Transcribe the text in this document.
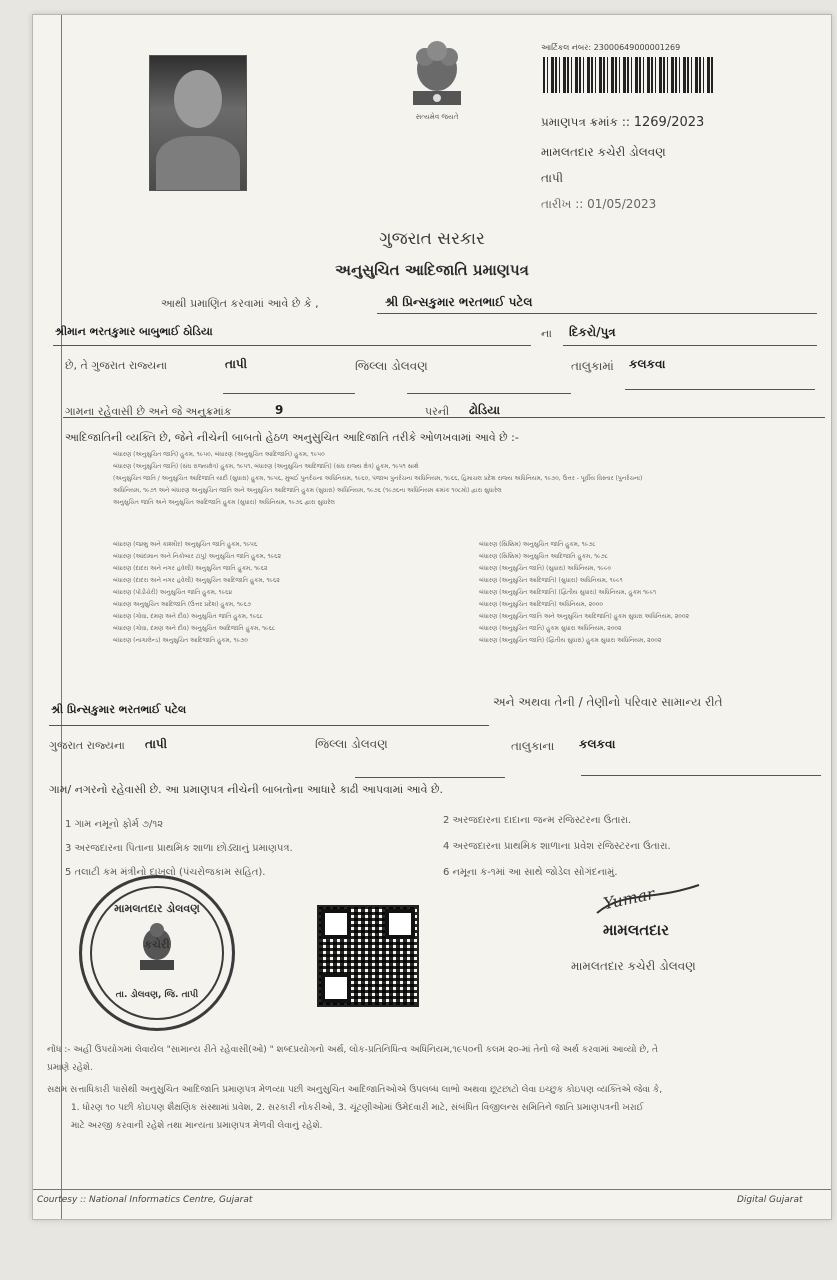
સત્યમેવ જયતે
આર્ટિકલ નંબર: 23000649000001269
પ્રમાણપત્ર ક્રમાંક :: 1269/2023
મામલતદાર કચેરી ડોલવણ
તાપી
તારીખ :: 01/05/2023
ગુજરાત સરકાર
અનુસુચિત આદિજાતિ પ્રમાણપત્ર
આથી પ્રમાણિત કરવામાં આવે છે કે ,	શ્રી પ્રિન્સકુમાર ભરતભાઈ પટેલ
શ્રીમાન ભરતકુમાર બાબુભાઈ ઠોડિયા	ના દિકરો/પુત્ર
છે, તે ગુજરાત રાજ્યના	તાપી	જિલ્લા ડોલવણ	તાલુકામાં કલકવા
ગામના રહેવાસી છે અને જે અનુક્રમાંક	9	પરની ઢોડિયા
આદિજાતિની વ્યક્તિ છે, જેને નીચેની બાબતો હેઠળ અનુસુચિત આદિજાતિ તરીકે ઓળખવામાં આવે છે :-
બંધારણ (અનુસુચિત જાતિ) હુકમ, ૧૯૫૦, બંધારણ (અનુસુચિત આદિજાતિ) હુકમ, ૧૯૫૦
બંધારણ (અનુસુચિત જાતિ) (સંઘ રાજ્યક્ષેત્ર) હુકમ, ૧૯૫૧, બંધારણ (અનુસુચિત આદિજાતિ) (સંઘ રાજ્ય ક્ષેત્ર) હુકમ, ૧૯૫૧ સાથે
(અનુસુચિત જાતિ / અનુસુચિત આદિજાતિ યાદી (સુધારા) હુકમ, ૧૯૫૬, મુંબઈ પુનર્રચના અધિનિયમ, ૧૯૬૦, પંજાબ પુનર્રચના અધિનિયમ, ૧૯૬૬, હિમાચલ પ્રદેશ રાજ્ય અધિનિયમ, ૧૯૭૦, ઉત્તર - પૂર્વીય વિસ્તાર (પુનર્રચના)
અધિનિયમ, ૧૯૭૧ અને બંધારણ અનુસુચિત જાતિ અને અનુસુચિત આદિજાતિ હુકમ (સુધારા) અધિનિયમ, ૧૯૭૬ (૧૯૭૬ના અધિનિયમ ક્રમાંક ૧૦૮મો) દ્વારા સુધારેલ
અનુસુચિત જાતિ અને અનુસુચિત આદિજાતિ હુકમ (સુધારા) અધિનિયમ, ૧૯૭૬ દ્વારા સુધારેલ
બંધારણ (જમ્મુ અને કાશ્મીર) અનુસુચિત જાતિ હુકમ, ૧૯૫૬
બંધારણ (આંદામાન અને નિકોબાર ટાપુ) અનુસુચિત જાતિ હુકમ, ૧૯૬૨
બંધારણ (દાદરા અને નગર હવેલી) અનુસુચિત જાતિ હુકમ, ૧૯૬૨
બંધારણ (દાદરા અને નગર હવેલી) અનુસુચિત આદિજાતિ હુકમ, ૧૯૬૨
બંધારણ (પોંડીચેરી) અનુસુચિત જાતિ હુકમ, ૧૯૬૪
બંધારણ અનુસુચિત આદિજાતિ (ઉત્તર પ્રદેશ) હુકમ, ૧૯૬૭
બંધારણ (ગોવા, દમણ અને દીવ) અનુસુચિત જાતિ હુકમ, ૧૯૬૮
બંધારણ (ગોવા, દમણ અને દીવ) અનુસુચિત આદિજાતિ હુકમ, ૧૯૬૮
બંધારણ (નાગાલેન્ડ) અનુસુચિત આદિજાતિ હુકમ, ૧૯૭૦
બંધારણ (સિક્કિમ) અનુસુચિત જાતિ હુકમ, ૧૯૭૮
બંધારણ (સિક્કિમ) અનુસુચિત આદિજાતિ હુકમ, ૧૯૭૮
બંધારણ (અનુસુચિત જાતિ) (સુધારા) અધિનિયમ, ૧૯૯૦
બંધારણ (અનુસુચિત આદિજાતિ) (સુધારા) અધિનિયમ, ૧૯૯૧
બંધારણ (અનુસુચિત આદિજાતિ) (દ્વિતીય સુધારા) અધિનિયમ, હુકમ ૧૯૯૧
બંધારણ (અનુસુચિત આદિજાતિ) અધિનિયમ, ૨૦૦૦
બંધારણ (અનુસુચિત જાતિ અને અનુસુચિત આદિજાતિ) હુકમ સુધારા અધિનિયમ, ૨૦૦૨
બંધારણ (અનુસુચિત જાતિ) હુકમ સુધારા અધિનિયમ, ૨૦૦૨
બંધારણ (અનુસુચિત જાતિ) (દ્વિતીય સુધારા) હુકમ સુધારા અધિનિયમ, ૨૦૦૨
શ્રી પ્રિન્સકુમાર ભરતભાઈ પટેલ
અને અથવા તેની / તેણીનો પરિવાર સામાન્ય રીતે
ગુજરાત રાજ્યના તાપી	જિલ્લા ડોલવણ	તાલુકાના કલકવા
ગામ/ નગરનો રહેવાસી છે. આ પ્રમાણપત્ર નીચેની બાબતોના આધારે કાઢી આપવામાં આવે છે.
1 ગામ નમૂનો ફોર્મ ૭/૧૨	2 અરજદારના દાદાના જન્મ રજિસ્ટરના ઉતારા.
3 અરજદારના પિતાના પ્રાથમિક શાળા છોડ્યાનું પ્રમાણપત્ર.	4 અરજદારના પ્રાથમિક શાળાના પ્રવેશ રજિસ્ટરના ઉતારા.
5 તલાટી કમ મંત્રીનો દાખલો (પંચરોજકામ સહિત).	6 નમૂના ક-૧માં આ સાથે જોડેલ સોગંદનામું.
મામલતદાર ડોલવણ
કચેરી
તા. ડોલવણ, જિ. તાપી
Yumar
મામલતદાર
મામલતદાર કચેરી ડોલવણ
નોંધ :- અહીં ઉપયોગમાં લેવાયેલ "સામાન્ય રીતે રહેવાસી(ઓ) " શબ્દપ્રયોગનો અર્થ, લોક-પ્રતિનિધિત્વ અધિનિયમ,૧૯૫૦ની કલમ ૨૦-માં તેનો જે અર્થ કરવામાં આવ્યો છે, તે
પ્રમાણે રહેશે.
સક્ષમ સત્તાધિકારી પાસેથી અનુસુચિત આદિજાતિ પ્રમાણપત્ર મેળવ્યા પછી અનુસુચિત આદિજાતિઓએ ઉપલબ્ધ લાભો અથવા છૂટછાટો લેવા ઇચ્છુક કોઇપણ વ્યક્તિએ જેવા કે,
1. ધોરણ ૧૦ પછી કોઇપણ શૈક્ષણિક સંસ્થામાં પ્રવેશ, 2. સરકારી નોકરીઓ, 3. ચૂંટણીઓમાં ઉમેદવારી માટે, સંબંધિત વિજીલન્સ સમિતિને જાતિ પ્રમાણપત્રની ખરાઈ
માટે અરજી કરવાની રહેશે તથા માન્યતા પ્રમાણપત્ર મેળવી લેવાનું રહેશે.
Courtesy :: National Informatics Centre, Gujarat	Digital Gujarat
